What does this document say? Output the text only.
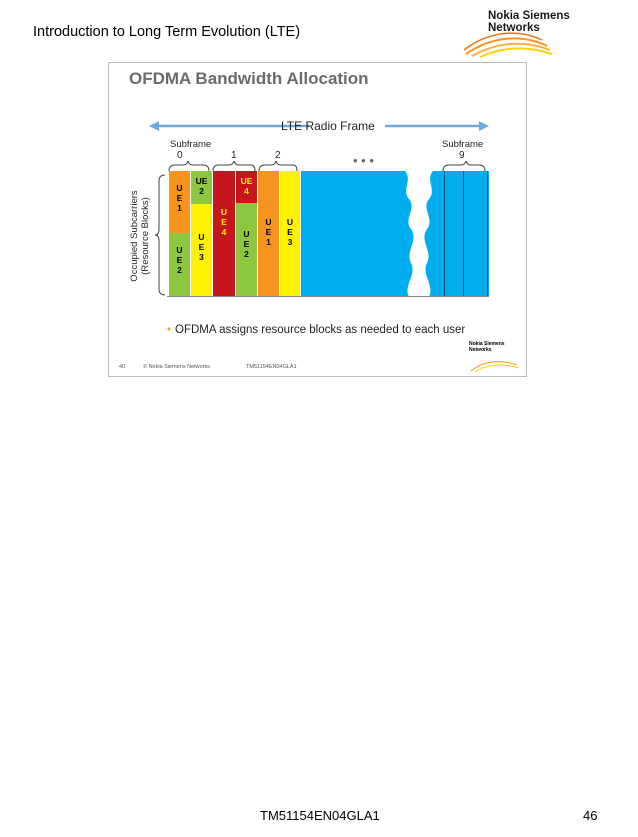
Introduction to Long Term Evolution (LTE)
Nokia Siemens
Networks
OFDMA Bandwidth Allocation
LTE Radio Frame
Subframe	Subframe
0	1	2	9
• • •
Occupied Subcarriers (Resource Blocks)
U
E
1
U
E
2
UE
2
U
E
3
U
E
4
UE
4
U
E
2
U
E
1
U
E
3
• OFDMA assigns resource blocks as needed to each user
40	© Nokia Siemens Networks	TM51154EN04GLA1
Nokia Siemens
Networks
TM51154EN04GLA1	46
